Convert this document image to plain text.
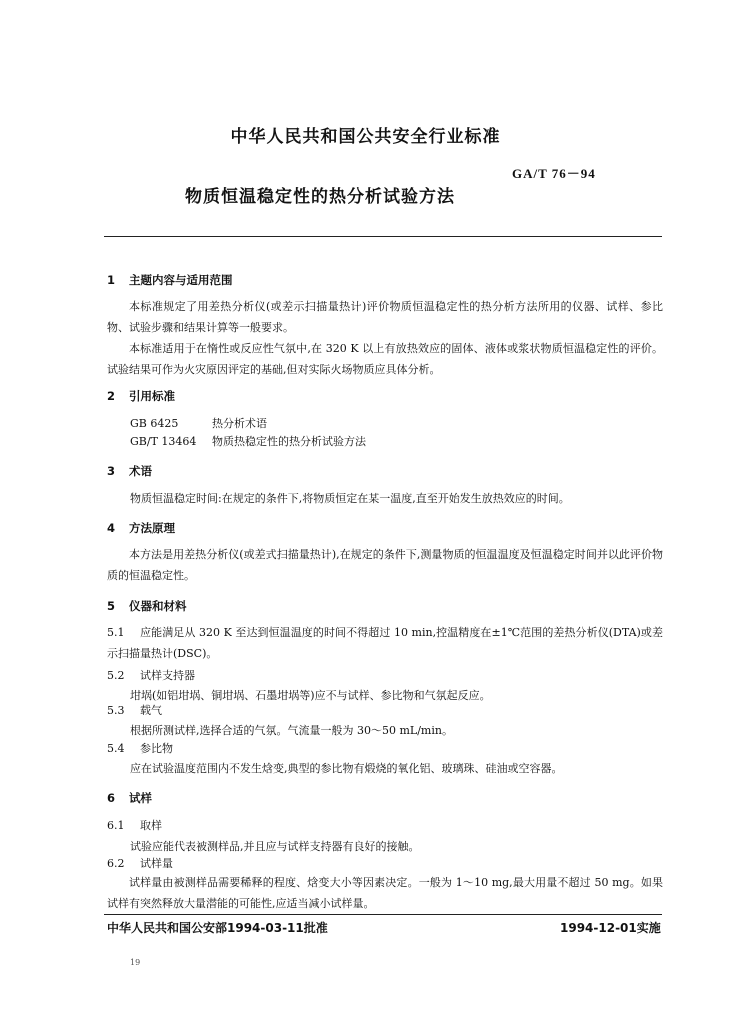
中华人民共和国公共安全行业标准
GA/T 76－94
物质恒温稳定性的热分析试验方法
1 主题内容与适用范围

本标准规定了用差热分析仪(或差示扫描量热计)评价物质恒温稳定性的热分析方法所用的仪器、试样、参比物、试验步骤和结果计算等一般要求。

本标准适用于在惰性或反应性气氛中,在 320 K 以上有放热效应的固体、液体或浆状物质恒温稳定性的评价。试验结果可作为火灾原因评定的基础,但对实际火场物质应具体分析。

2 引用标准
GB 6425	热分析术语
GB/T 13464 物质热稳定性的热分析试验方法
3 术语
物质恒温稳定时间:在规定的条件下,将物质恒定在某一温度,直至开始发生放热效应的时间。
4 方法原理

本方法是用差热分析仪(或差式扫描量热计),在规定的条件下,测量物质的恒温温度及恒温稳定时间并以此评价物质的恒温稳定性。

5 仪器和材料

5.1 应能满足从 320 K 至达到恒温温度的时间不得超过 10 min,控温精度在±1℃范围的差热分析仪(DTA)或差示扫描量热计(DSC)。

5.2 试样支持器
坩埚(如铝坩埚、铜坩埚、石墨坩埚等)应不与试样、参比物和气氛起反应。
5.3 载气
根据所测试样,选择合适的气氛。气流量一般为 30～50 mL/min。
5.4 参比物
应在试验温度范围内不发生焓变,典型的参比物有煅烧的氧化铝、玻璃珠、硅油或空容器。
6 试样
6.1 取样
试验应能代表被测样品,并且应与试样支持器有良好的接触。
6.2 试样量

试样量由被测样品需要稀释的程度、焓变大小等因素决定。一般为 1～10 mg,最大用量不超过 50 mg。如果试样有突然释放大量潜能的可能性,应适当减小试样量。

中华人民共和国公安部1994-03-11批准	1994-12-01实施
19
